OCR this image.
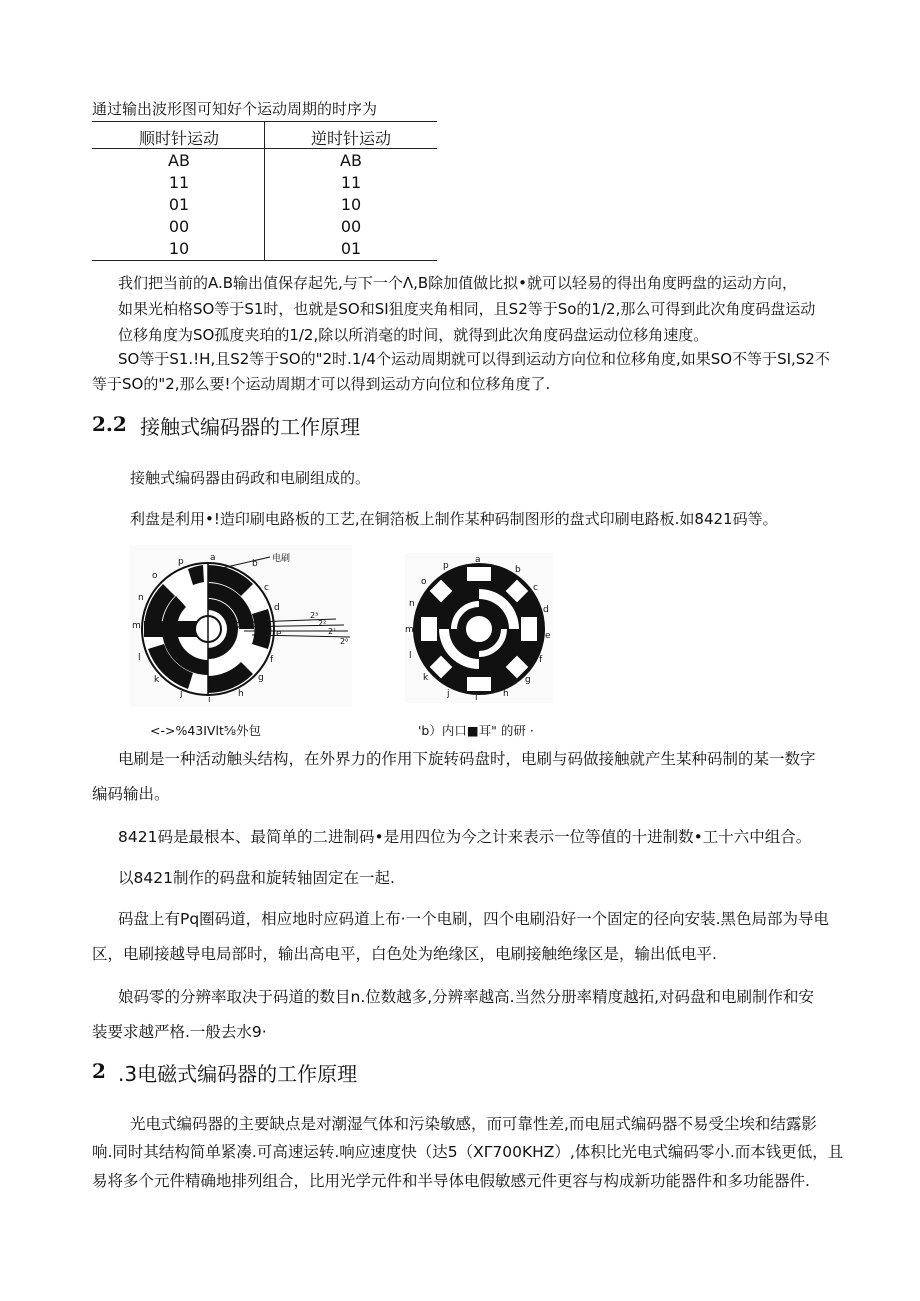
通过输出波形图可知好个运动周期的时序为
顺时针运动	逆时针运动
AB	AB
11	11
01	10
00	00
10	01
我们把当前的A.B输出值保存起先,与下一个Λ,B除加值做比拟•就可以轻易的得出角度眄盘的运动方向，
如果光柏格SO等于S1时，也就是SO和SI狙度夹角相同，且S2等于So的1/2,那么可得到此次角度码盘运动
位移角度为SO孤度夹珀的1/2,除以所消毫的时间，就得到此次角度码盘运动位移角速度。
SO等于S1.!H,且S2等于SO的"2时.1/4个运动周期就可以得到运动方向位和位移角度,如果SO不等于SI,S2不
等于SO的"2,那么要!个运动周期才可以得到运动方向位和位移角度了.
2.2 接触式编码器的工作原理
接触式编码器由码政和电刷组成的。
利盘是利用•!造印刷电路板的工艺,在铜箔板上制作某种码制图形的盘式印刷电路板.如8421码等。
电刷
2³
2²
2¹
2⁰
a
b
c
d
e
f
g
h
i
j
k
l
m
n
o
p
<->%43IVlt⅝外包
a
b
c
d
e
f
g
h
i
j
k
l
m
n
o
p
'b）内口■耳" 的研 ·
电刷是一种活动触头结构，在外界力的作用下旋转码盘时，电刷与码做接触就产生某种码制的某一数字
编码输出。
8421码是最根本、最简单的二进制码•是用四位为今之计来表示一位等值的十进制数•工十六中组合。
以8421制作的码盘和旋转轴固定在一起.
码盘上有Pq圈码道，相应地时应码道上布·一个电刷，四个电刷沿好一个固定的径向安装.黑色局部为导电
区，电刷接越导电局部时，输出高电平，白色处为绝缘区，电刷接触绝缘区是，输出低电平.
娘码零的分辨率取决于码道的数目n.位数越多,分辨率越高.当然分册率精度越拓,对码盘和电刷制作和安
装要求越严格.一般去水9·
2 .3电磁式编码器的工作原理
光电式编码器的主要缺点是对潮湿气体和污染敏感，而可靠性差,而电屈式编码器不易受尘埃和结露影
响.同时其结构简单紧凑.可高速运转.响应速度快（达5（XΓ700KHZ）,体积比光电式编码零小.而本钱更低，且
易将多个元件精确地排列组合，比用光学元件和半导体电假敏感元件更容与构成新功能器件和多功能器件.
